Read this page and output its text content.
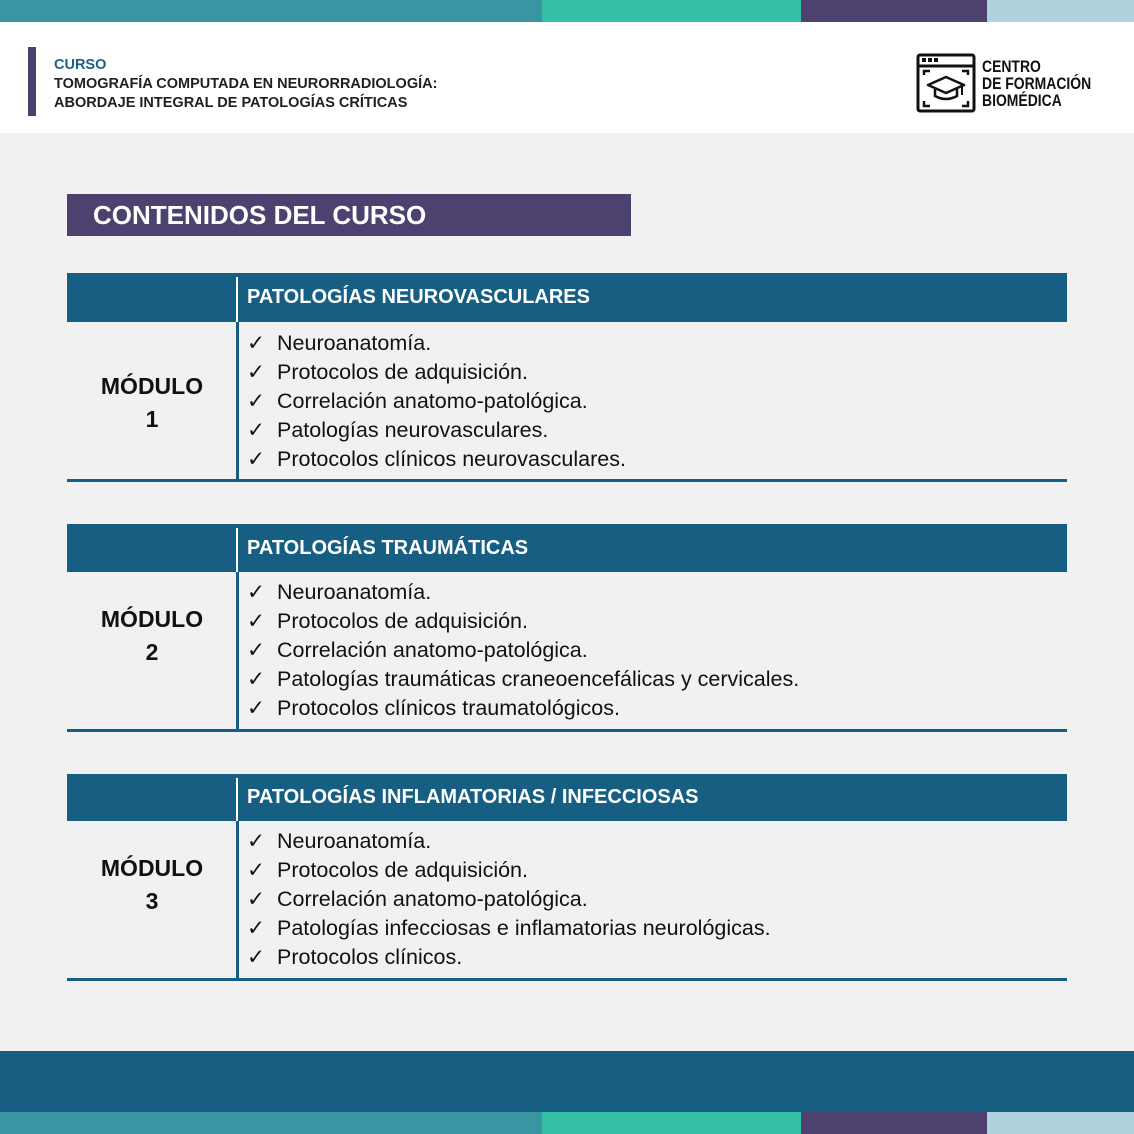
CURSO
TOMOGRAFÍA COMPUTADA EN NEURORRADIOLOGÍA:
ABORDAJE INTEGRAL DE PATOLOGÍAS CRÍTICAS
CENTRO
DE FORMACIÓN
BIOMÉDICA
CONTENIDOS DEL CURSO
PATOLOGÍAS NEUROVASCULARES
MÓDULO
1
✓ Neuroanatomía.
✓ Protocolos de adquisición.
✓ Correlación anatomo-patológica.
✓ Patologías neurovasculares.
✓ Protocolos clínicos neurovasculares.
PATOLOGÍAS TRAUMÁTICAS
MÓDULO
2
✓ Neuroanatomía.
✓ Protocolos de adquisición.
✓ Correlación anatomo-patológica.
✓ Patologías traumáticas craneoencefálicas y cervicales.
✓ Protocolos clínicos traumatológicos.
PATOLOGÍAS INFLAMATORIAS / INFECCIOSAS
MÓDULO
3
✓ Neuroanatomía.
✓ Protocolos de adquisición.
✓ Correlación anatomo-patológica.
✓ Patologías infecciosas e inflamatorias neurológicas.
✓ Protocolos clínicos.
